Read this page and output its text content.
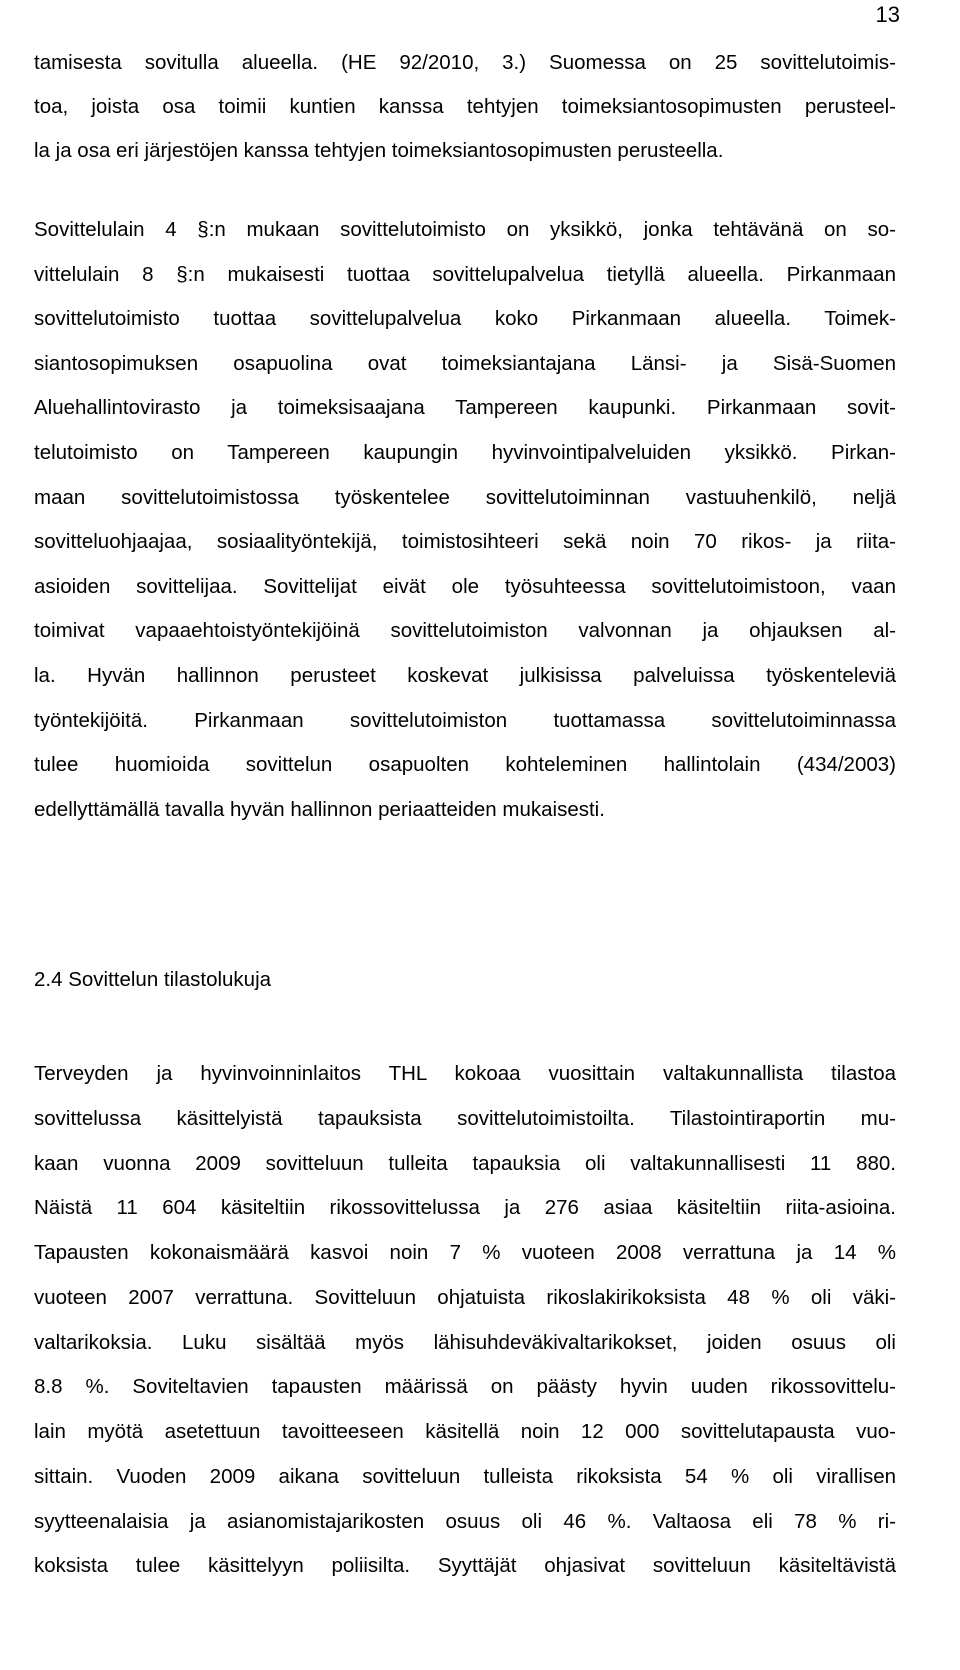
13
tamisesta sovitulla alueella. (HE 92/2010, 3.) Suomessa on 25 sovittelutoimis-
toa, joista osa toimii kuntien kanssa tehtyjen toimeksiantosopimusten perusteel-
la ja osa eri järjestöjen kanssa tehtyjen toimeksiantosopimusten perusteella.
Sovittelulain 4 §:n mukaan sovittelutoimisto on yksikkö, jonka tehtävänä on so-
vittelulain 8 §:n mukaisesti tuottaa sovittelupalvelua tietyllä alueella. Pirkanmaan
sovittelutoimisto tuottaa sovittelupalvelua koko Pirkanmaan alueella. Toimek-
siantosopimuksen osapuolina ovat toimeksiantajana Länsi- ja Sisä-Suomen
Aluehallintovirasto ja toimeksisaajana Tampereen kaupunki. Pirkanmaan sovit-
telutoimisto on Tampereen kaupungin hyvinvointipalveluiden yksikkö. Pirkan-
maan sovittelutoimistossa työskentelee sovittelutoiminnan vastuuhenkilö, neljä
sovitteluohjaajaa, sosiaalityöntekijä, toimistosihteeri sekä noin 70 rikos- ja riita-
asioiden sovittelijaa. Sovittelijat eivät ole työsuhteessa sovittelutoimistoon, vaan
toimivat vapaaehtoistyöntekijöinä sovittelutoimiston valvonnan ja ohjauksen al-
la. Hyvän hallinnon perusteet koskevat julkisissa palveluissa työskenteleviä
työntekijöitä. Pirkanmaan sovittelutoimiston tuottamassa sovittelutoiminnassa
tulee huomioida sovittelun osapuolten kohteleminen hallintolain (434/2003)
edellyttämällä tavalla hyvän hallinnon periaatteiden mukaisesti.
2.4 Sovittelun tilastolukuja
Terveyden ja hyvinvoinninlaitos THL kokoaa vuosittain valtakunnallista tilastoa
sovittelussa käsittelyistä tapauksista sovittelutoimistoilta. Tilastointiraportin mu-
kaan vuonna 2009 sovitteluun tulleita tapauksia oli valtakunnallisesti 11 880.
Näistä 11 604 käsiteltiin rikossovittelussa ja 276 asiaa käsiteltiin riita-asioina.
Tapausten kokonaismäärä kasvoi noin 7 % vuoteen 2008 verrattuna ja 14 %
vuoteen 2007 verrattuna. Sovitteluun ohjatuista rikoslakirikoksista 48 % oli väki-
valtarikoksia. Luku sisältää myös lähisuhdeväkivaltarikokset, joiden osuus oli
8.8 %. Soviteltavien tapausten määrissä on päästy hyvin uuden rikossovittelu-
lain myötä asetettuun tavoitteeseen käsitellä noin 12 000 sovittelutapausta vuo-
sittain. Vuoden 2009 aikana sovitteluun tulleista rikoksista 54 % oli virallisen
syytteenalaisia ja asianomistajarikosten osuus oli 46 %. Valtaosa eli 78 % ri-
koksista tulee käsittelyyn poliisilta. Syyttäjät ohjasivat sovitteluun käsiteltävistä
